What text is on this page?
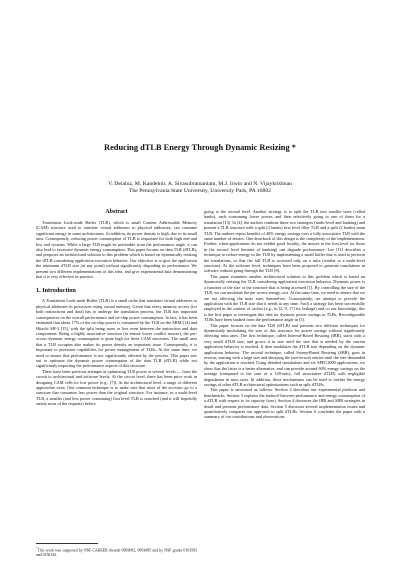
Reducing dTLB Energy Through Dynamic Resizing *
V. Delaluz, M. Kandemir, A. Sivasubramaniam, M.J. Irwin and N. Vijaykrishnan
The Pennsylvania State University, University Park, PA 16802
Abstract

Translation Look-aside Buffer (TLB), which is small Content Addressable Memory (CAM) structure used to translate virtual addresses to physical addresses, can consume significant energy in some architectures. In addition, its power density is high, due to its small area. Consequently, reducing power consumption of TLB is important for both high end and low end systems. While a large TLB might be preferable from the performance angle, it can also lead to excessive dynamic energy consumption. This paper focuses on data TLB (dTLB), and proposes an architectural solution to this problem which is based on dynamically resizing the dTLB considering application execution behavior. Our objective is to give the application the minimum dTLB size (at any point) without significantly degrading its performance. We present two different implementations of this idea, and give experimental data demonstrating that it is very effective in practice.

1. Introduction

A Translation Look-aside Buffer (TLB) is a small cache that translates virtual addresses to physical addresses in processors using virtual memory. Given that every memory access (for both instructions and data) has to undergo the translation process, the TLB has important consequences on the overall performance and on-chip power consumption. In fact, it has been estimated that about 17% of the on-chip power is consumed by the TLB on the ARM [14] and Hitachi SH-3 [15], with the split being more or less even between the instruction and data components. Being a highly associative structure (to ensure lower conflict misses), the per-access dynamic energy consumption is quite high for these CAM structures. The small area that a TLB occupies also makes its power density an important issue. Consequently, it is important to provision capabilities for power management of TLBs. At the same time, we need to ensure that performance is not significantly affected by the process. This paper sets out to optimize the dynamic power consumption of the data TLB (dTLB) while not significantly impacting the performance aspects of this structure.

There have been previous attempts at optimizing TLB power at several levels — from the circuit to architectural and software levels. At the circuit level, there has been prior work in designing CAM cells for low power (e.g., [7]). At the architectural level, a range of different approaches exist. One common technique is to make sure that most of the accesses go to a structure that consumes less power than the original structure. For instance, in a multi-level TLB, a smaller (and less power consuming) first level TLB is searched (and it will hopefully satisfy most of the requests) before

*This work was supported by NSF CAREER Awards 0093082, 0093085 and by NSF grants 0103583 and 0130143.

going to the second level. Another strategy is to split the TLB into smaller sizes (called banks), each consuming lower power, and then selectively going to one of them for a translation [13]. In [4], the authors combine these two strategies (multi-level and banking) and present a TLB structure with a split (2 banks) first level filter TLB and a split (2 banks) main TLB. The authors report benefits of 40% energy savings over a fully associative TLB with the same number of entries. One drawback of this design is the complexity of the implementation. Further, when applications do not exhibit good locality, the misses in the first level (or those in the second level because of banking) can degrade performance. Lee [11] describes a technique to reduce energy in the TLB by implementing a small buffer that is used to perform the translations, so that the full TLB is accessed only on a miss (similar to a multi-level structure). At the software level, techniques have been proposed to generate translations in software without going through the TLB [8].

This paper examines another architectural solution to this problem which is based on dynamically resizing the TLB considering application execution behavior. Dynamic power is a function of the size of the structure that is being accessed [1]. By controlling the size of the TLB, we can modulate the per access energy cost. At the same time, we need to ensure that we are not affecting the miss rates themselves. Consequently, we attempt to provide the application with the TLB size that it needs at any time. Such a strategy has been successfully employed in the context of caches (e.g., in [2, 9, 17] for leakage) and, to our knowledge, this is the first paper to investigate this idea for dynamic power savings in TLBs. Reconfigurable TLBs have been studied from the performance angle in [3].

This paper focuses on the data TLB (dTLB) and presents two different techniques for dynamically modulating the size of this structure for power savings without significantly affecting miss rates. The first technique, called Interval-Based Resizing (IBR), starts with a very small dTLB size, and grows it in size until the size that is needed by the current application behavior is reached. It then modulates the dTLB size depending on the dynamic application behavior. The second technique, called Sweep-Based Resizing (SBR), goes in reverse, starting with a large size and decaying the (not-in-use) entries until the size demanded by the application is reached. Using detailed simulations and six SPEC2000 applications, we show that the latter is a better alternative, and can provide around 60% energy savings on the average (compared to the case of a 128-entry, full associative dTLB) with negligible degradation in miss rates. In addition, these mechanisms can be used to further the energy savings of other dTLB architectural optimizations such as split dTLBs.

This paper is structured as follows. Section 2 describes our experimental platform and benchmarks. Section 3 explains the tradeoff between performance and energy consumption of a dTLB with respect to its capacity (size). Section 4 discusses the IBR and SBR strategies in detail and presents performance data. Section 5 discusses several implementation issues and quantitatively compares our approach to split dTLBs. Section 6 concludes the paper with a summary of our contributions and observations.
